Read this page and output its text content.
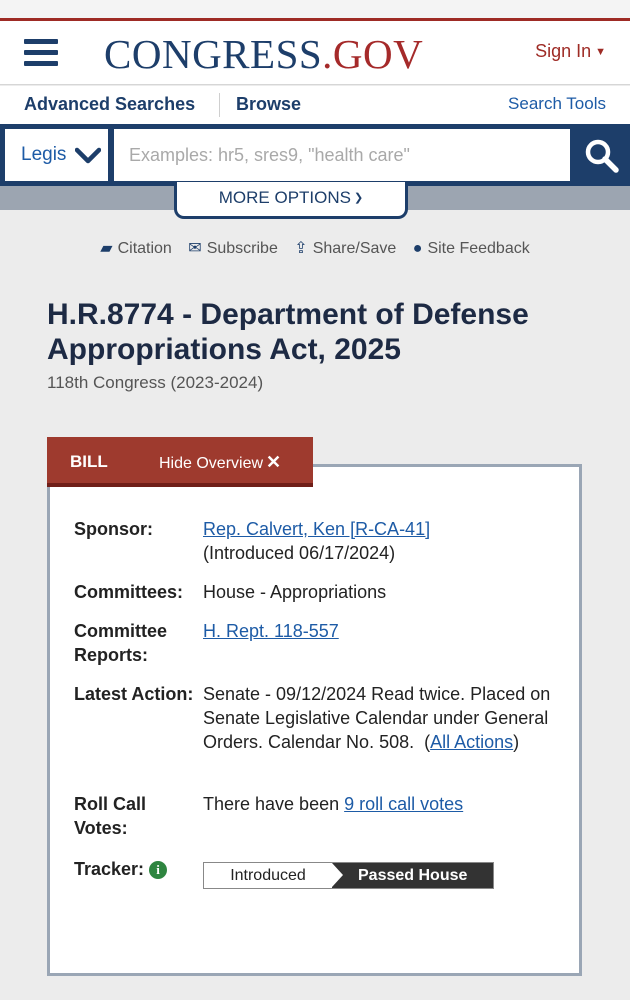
CONGRESS.GOV	Sign In ▼
Advanced Searches Browse	Search Tools
Legis
Examples: hr5, sres9, "health care"
MORE OPTIONS ❯
▰ Citation ✉ Subscribe ⇪ Share/Save ● Site Feedback
H.R.8774 - Department of Defense Appropriations Act, 2025
118th Congress (2023-2024)
BILL	Hide Overview ✕
Sponsor:	Rep. Calvert, Ken [R-CA-41]
(Introduced 06/17/2024)
Committees:	House - Appropriations
Committee Reports:
H. Rept. 118-557
Latest Action: Senate - 09/12/2024 Read twice. Placed on Senate Legislative Calendar under General Orders. Calendar No. 508.  (All Actions)
Roll Call Votes:
There have been 9 roll call votes
Tracker: i	Introduced	Passed House
